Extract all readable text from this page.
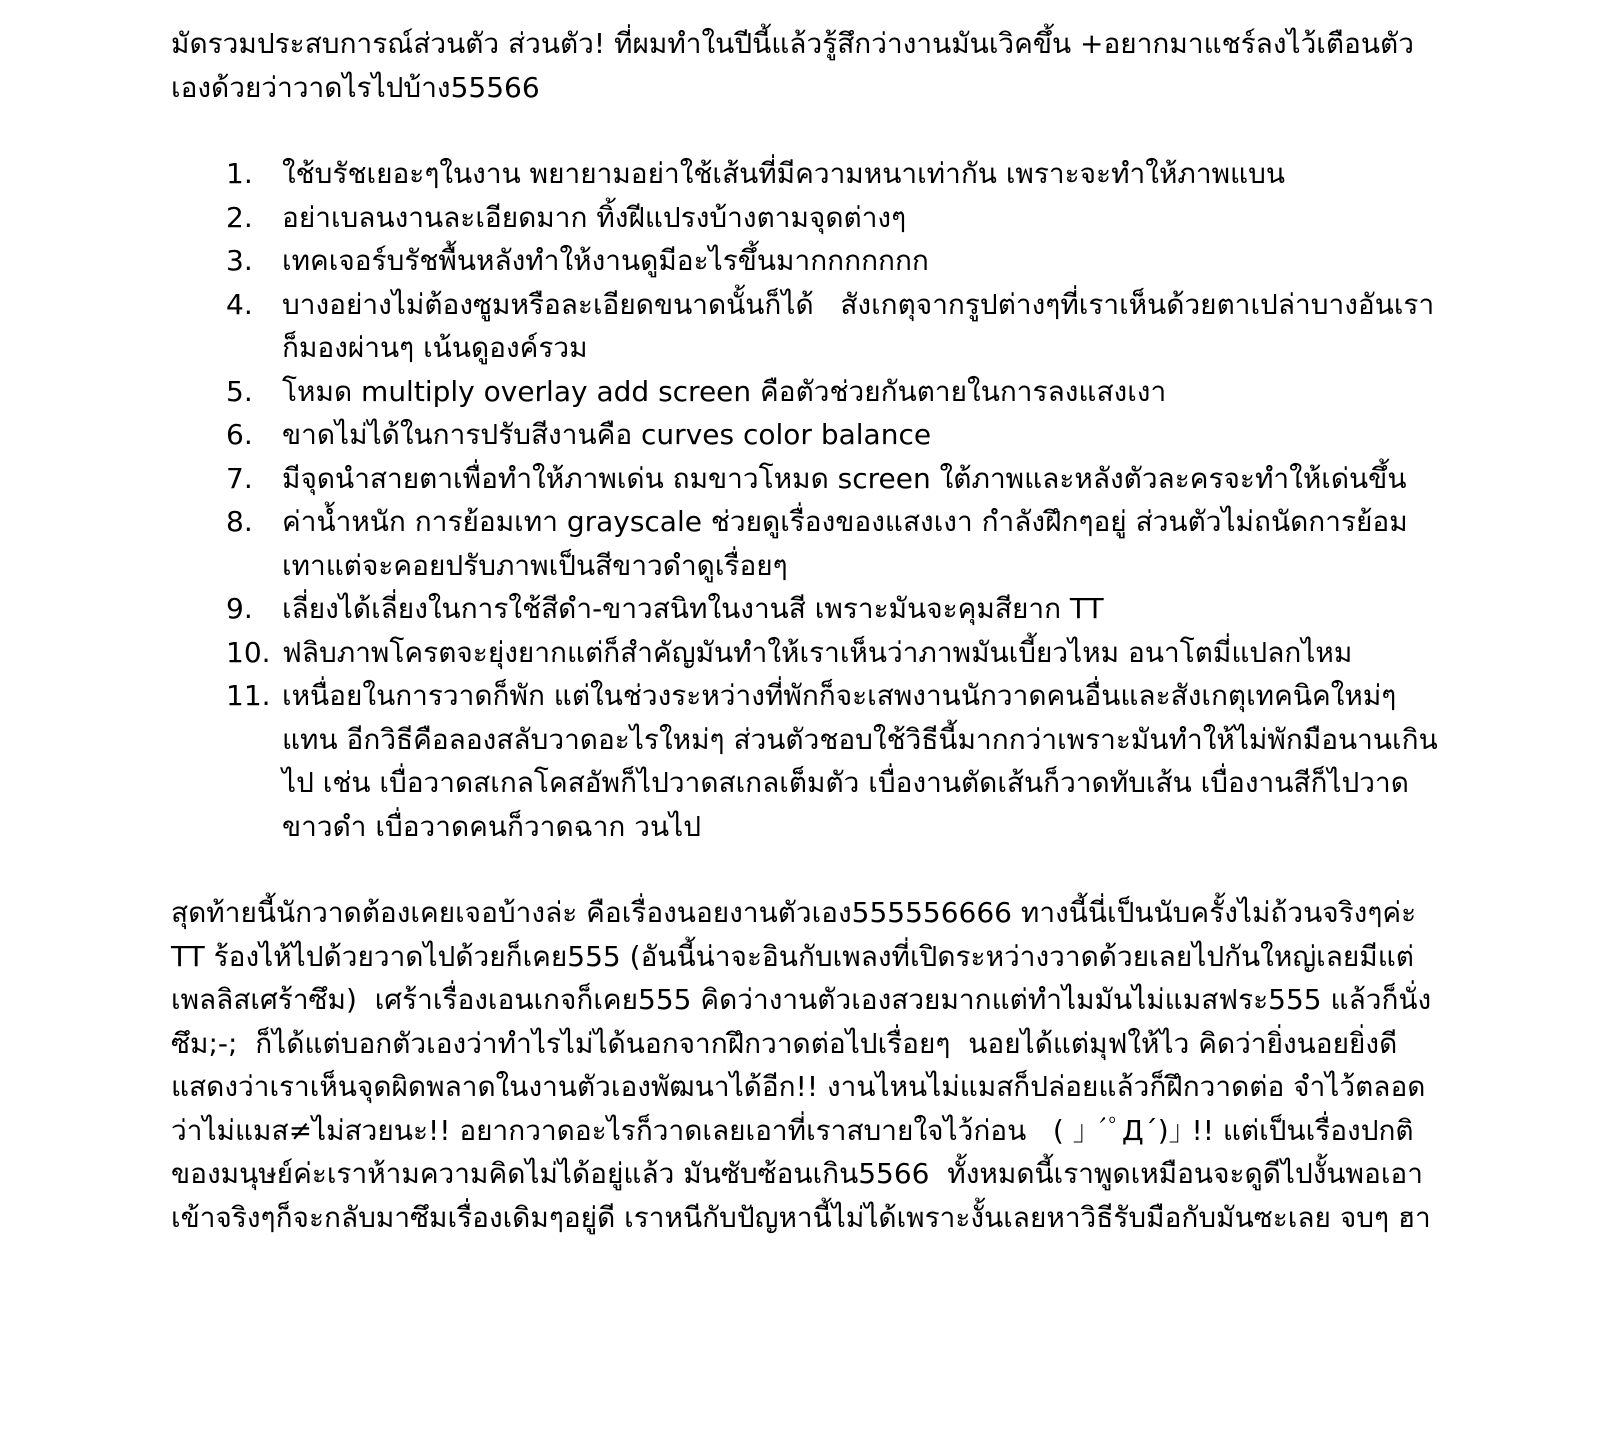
มัดรวมประสบการณ์ส่วนตัว ส่วนตัว! ที่ผมทำในปีนี้แล้วรู้สึกว่างานมันเวิคขึ้น +อยากมาแชร์ลงไว้เตือนตัวเองด้วยว่าวาดไรไปบ้าง55566

1.	ใช้บรัชเยอะๆในงาน พยายามอย่าใช้เส้นที่มีความหนาเท่ากัน เพราะจะทำให้ภาพแบน
2.	อย่าเบลนงานละเอียดมาก ทิ้งฝีแปรงบ้างตามจุดต่างๆ
3.	เทคเจอร์บรัชพื้นหลังทำให้งานดูมีอะไรขึ้นมากกกกกกก
4.	บางอย่างไม่ต้องซูมหรือละเอียดขนาดนั้นก็ได้   สังเกตุจากรูปต่างๆที่เราเห็นด้วยตาเปล่าบางอันเราก็มองผ่านๆ เน้นดูองค์รวม
5.	โหมด multiply overlay add screen คือตัวช่วยกันตายในการลงแสงเงา
6.	ขาดไม่ได้ในการปรับสีงานคือ curves color balance
7.	มีจุดนำสายตาเพื่อทำให้ภาพเด่น ถมขาวโหมด screen ใต้ภาพและหลังตัวละครจะทำให้เด่นขึ้น
8.	ค่าน้ำหนัก การย้อมเทา grayscale ช่วยดูเรื่องของแสงเงา กำลังฝึกๆอยู่ ส่วนตัวไม่ถนัดการย้อมเทาแต่จะคอยปรับภาพเป็นสีขาวดำดูเรื่อยๆ
9.	เลี่ยงได้เลี่ยงในการใช้สีดำ-ขาวสนิทในงานสี เพราะมันจะคุมสียาก TT
10. ฟลิบภาพโครตจะยุ่งยากแต่ก็สำคัญมันทำให้เราเห็นว่าภาพมันเบี้ยวไหม อนาโตมี่แปลกไหม
11. เหนื่อยในการวาดก็พัก แต่ในช่วงระหว่างที่พักก็จะเสพงานนักวาดคนอื่นและสังเกตุเทคนิคใหม่ๆแทน อีกวิธีคือลองสลับวาดอะไรใหม่ๆ ส่วนตัวชอบใช้วิธีนี้มากกว่าเพราะมันทำให้ไม่พักมือนานเกินไป เช่น เบื่อวาดสเกลโคสอัพก็ไปวาดสเกลเต็มตัว เบื่องานตัดเส้นก็วาดทับเส้น เบื่องานสีก็ไปวาดขาวดำ เบื่อวาดคนก็วาดฉาก วนไป

สุดท้ายนี้นักวาดต้องเคยเจอบ้างล่ะ คือเรื่องนอยงานตัวเอง555556666 ทางนี้นี่เป็นนับครั้งไม่ถ้วนจริงๆค่ะ TT ร้องไห้ไปด้วยวาดไปด้วยก็เคย555 (อันนี้น่าจะอินกับเพลงที่เปิดระหว่างวาดด้วยเลยไปกันใหญ่เลยมีแต่เพลลิสเศร้าซึม)  เศร้าเรื่องเอนเกจก็เคย555 คิดว่างานตัวเองสวยมากแต่ทำไมมันไม่แมสฟระ555 แล้วก็นั่งซึม;-;  ก็ได้แต่บอกตัวเองว่าทำไรไม่ได้นอกจากฝึกวาดต่อไปเรื่อยๆ  นอยได้แต่มุฟให้ไว คิดว่ายิ่งนอยยิ่งดีแสดงว่าเราเห็นจุดผิดพลาดในงานตัวเองพัฒนาได้อีก!! งานไหนไม่แมสก็ปล่อยแล้วก็ฝึกวาดต่อ จำไว้ตลอดว่าไม่แมส≠ไม่สวยนะ!! อยากวาดอะไรก็วาดเลยเอาที่เราสบายใจไว้ก่อน   ( ｣ ´ﾟД´)｣ !! แต่เป็นเรื่องปกติของมนุษย์ค่ะเราห้ามความคิดไม่ได้อยู่แล้ว มันซับซ้อนเกิน5566  ทั้งหมดนี้เราพูดเหมือนจะดูดีไปงั้นพอเอาเข้าจริงๆก็จะกลับมาซึมเรื่องเดิมๆอยู่ดี เราหนีกับปัญหานี้ไม่ได้เพราะงั้นเลยหาวิธีรับมือกับมันซะเลย จบๆ ฮา
